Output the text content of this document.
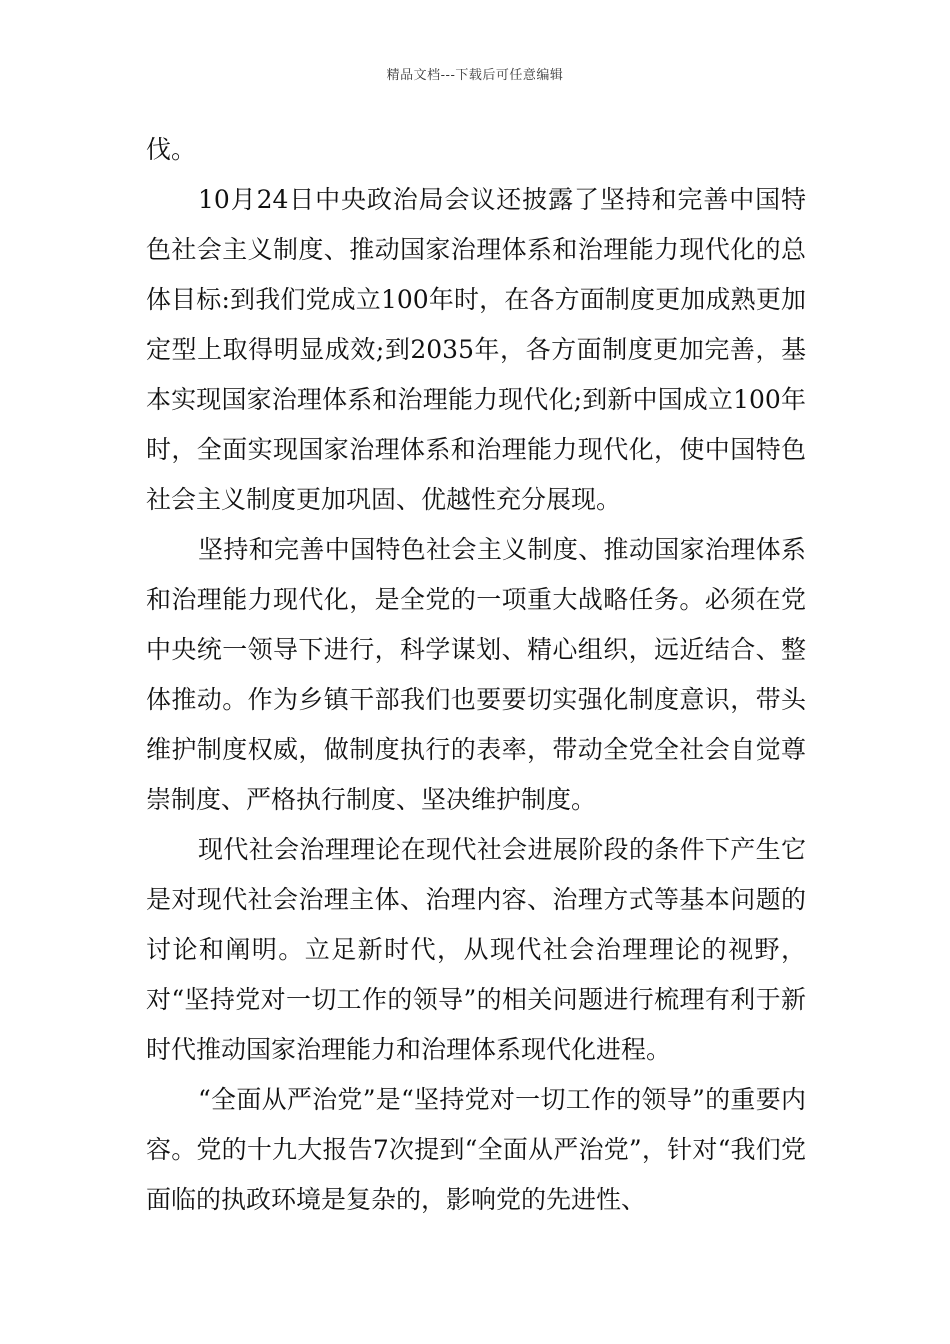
精品文档---下载后可任意编辑

伐。

10月24日中央政治局会议还披露了坚持和完善中国特色社会主义制度、推动国家治理体系和治理能力现代化的总体目标:到我们党成立100年时，在各方面制度更加成熟更加定型上取得明显成效;到2035年，各方面制度更加完善，基本实现国家治理体系和治理能力现代化;到新中国成立100年时，全面实现国家治理体系和治理能力现代化，使中国特色社会主义制度更加巩固、优越性充分展现。

坚持和完善中国特色社会主义制度、推动国家治理体系和治理能力现代化，是全党的一项重大战略任务。必须在党中央统一领导下进行，科学谋划、精心组织，远近结合、整体推动。作为乡镇干部我们也要要切实强化制度意识，带头维护制度权威，做制度执行的表率，带动全党全社会自觉尊崇制度、严格执行制度、坚决维护制度。

现代社会治理理论在现代社会进展阶段的条件下产生它是对现代社会治理主体、治理内容、治理方式等基本问题的讨论和阐明。立足新时代，从现代社会治理理论的视野，对“坚持党对一切工作的领导”的相关问题进行梳理有利于新时代推动国家治理能力和治理体系现代化进程。

“全面从严治党”是“坚持党对一切工作的领导”的重要内容。党的十九大报告7次提到“全面从严治党”，针对“我们党面临的执政环境是复杂的，影响党的先进性、
